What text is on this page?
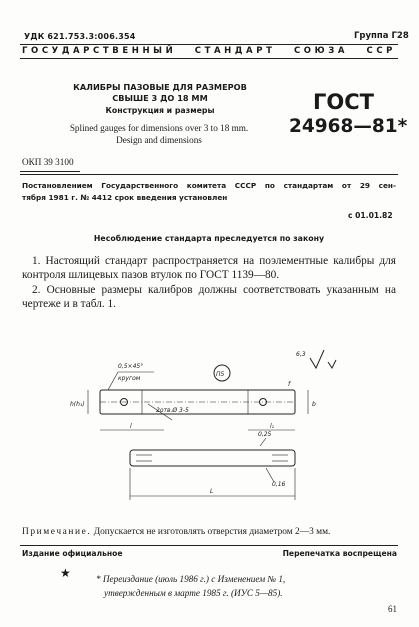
УДК 621.753.3:006.354	Группа Г28
ГОСУДАРСТВЕННЫЙ СТАНДАРТ СОЮЗА ССР
КАЛИБРЫ ПАЗОВЫЕ ДЛЯ РАЗМЕРОВ
СВЫШЕ 3 ДО 18 ММ
Конструкция и размеры
Splined gauges for dimensions over 3 to 18 mm.
Design and dimensions
ГОСТ
24968—81*
ОКП 39 3100
Постановлением Государственного комитета СССР по стандартам от 29 сен-
тября 1981 г. № 4412 срок введения установлен
с 01.01.82
Несоблюдение стандарта преследуется по закону

1. Настоящий стандарт распространяется на поэлементные калибры для контроля шлицевых пазов втулок по ГОСТ 1139—80.

2. Основные размеры калибров должны соответствовать указанным на чертеже и в табл. 1.

6,3
0,5×45°
кругом
П5
2отв.Ø 3-5
h(h₁)
l	l₁
b
f
L
0,16
0,25
Примечание. Допускается не изготовлять отверстия диаметром 2—3 мм.
Издание официальное	Перепечатка воспрещена
★	* Переиздание (июль 1986 г.) с Изменением № 1,
утвержденным в марте 1985 г. (ИУС 5—85).
61
